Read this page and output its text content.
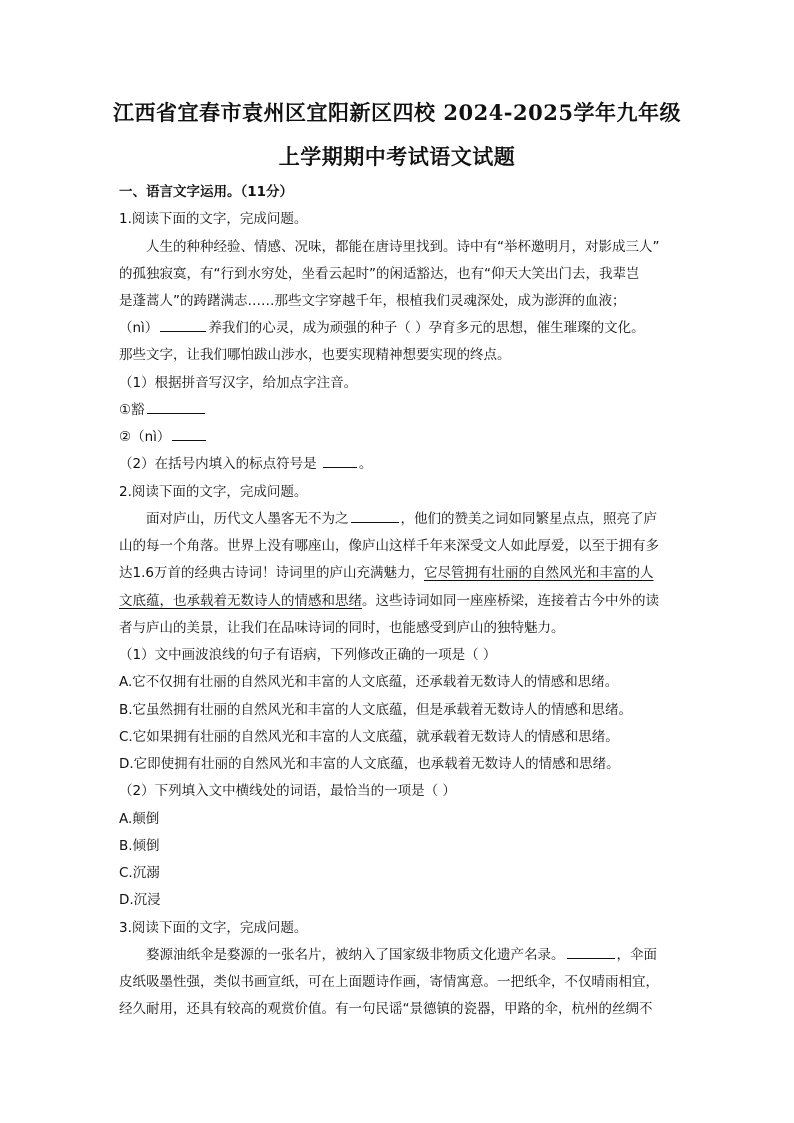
江西省宜春市袁州区宜阳新区四校 2024-2025学年九年级
上学期期中考试语文试题
一、语言文字运用。（11分）
1.阅读下面的文字，完成问题。
人生的种种经验、情感、况味，都能在唐诗里找到。诗中有“举杯邀明月，对影成三人”
的孤独寂寞，有“行到水穷处，坐看云起时”的闲适豁达，也有“仰天大笑出门去，我辈岂
是蓬蒿人”的踌躇满志……那些文字穿越千年，根植我们灵魂深处，成为澎湃的血液；
（nì）	养我们的心灵，成为顽强的种子（ ）孕育多元的思想，催生璀璨的文化。
那些文字，让我们哪怕跋山涉水，也要实现精神想要实现的终点。
（1）根据拼音写汉字，给加点字注音。
①豁
②（nì）
（2）在括号内填入的标点符号是	。
2.阅读下面的文字，完成问题。
面对庐山，历代文人墨客无不为之	，他们的赞美之词如同繁星点点，照亮了庐
山的每一个角落。世界上没有哪座山，像庐山这样千年来深受文人如此厚爱，以至于拥有多
达1.6万首的经典古诗词！诗词里的庐山充满魅力，它尽管拥有壮丽的自然风光和丰富的人
文底蕴，也承载着无数诗人的情感和思绪。这些诗词如同一座座桥梁，连接着古今中外的读
者与庐山的美景，让我们在品味诗词的同时，也能感受到庐山的独特魅力。
（1）文中画波浪线的句子有语病，下列修改正确的一项是（ ）
A.它不仅拥有壮丽的自然风光和丰富的人文底蕴，还承载着无数诗人的情感和思绪。
B.它虽然拥有壮丽的自然风光和丰富的人文底蕴，但是承载着无数诗人的情感和思绪。
C.它如果拥有壮丽的自然风光和丰富的人文底蕴，就承载着无数诗人的情感和思绪。
D.它即使拥有壮丽的自然风光和丰富的人文底蕴，也承载着无数诗人的情感和思绪。
（2）下列填入文中横线处的词语，最恰当的一项是（ ）
A.颠倒
B.倾倒
C.沉溺
D.沉浸
3.阅读下面的文字，完成问题。
婺源油纸伞是婺源的一张名片，被纳入了国家级非物质文化遗产名录。	，伞面
皮纸吸墨性强，类似书画宣纸，可在上面题诗作画，寄情寓意。一把纸伞，不仅晴雨相宜，
经久耐用，还具有较高的观赏价值。有一句民谣“景德镇的瓷器，甲路的伞，杭州的丝绸不
